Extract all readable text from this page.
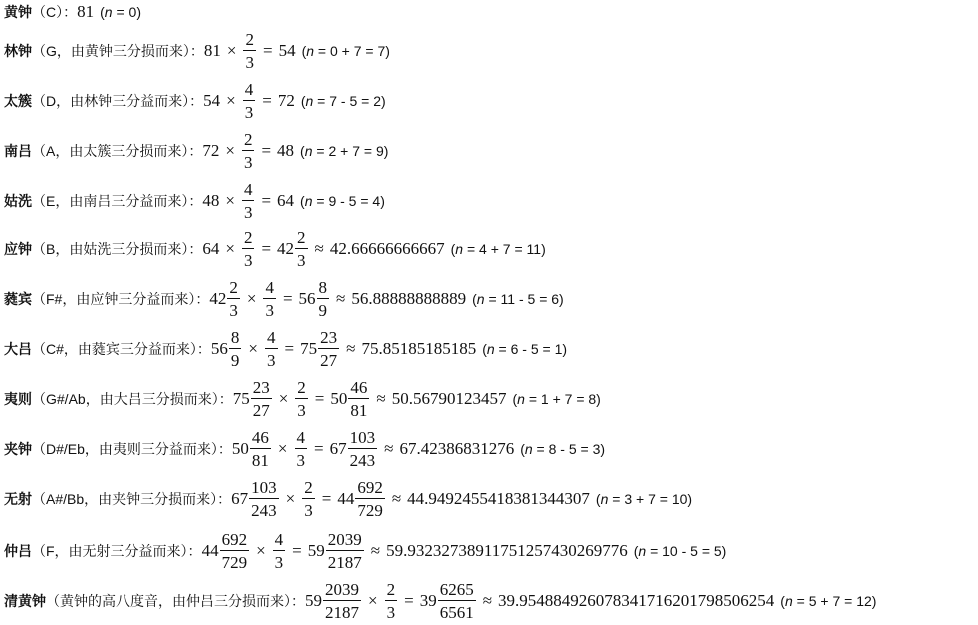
黄钟 （C）： 81 (n = 0)
林钟 （G，由黄钟三分损而来）： $81 \times \frac{2}{3} = 54$ (n = 0 + 7 = 7)
太簇 （D，由林钟三分益而来）： $54 \times \frac{4}{3} = 72$ (n = 7 - 5 = 2)
南吕 （A，由太簇三分损而来）： $72 \times \frac{2}{3} = 48$ (n = 2 + 7 = 9)
姑洗 （E，由南吕三分益而来）： $48 \times \frac{4}{3} = 64$ (n = 9 - 5 = 4)
应钟 （B，由姑洗三分损而来）： $64 \times \frac{2}{3} = 42 \frac{2}{3} \approx 42.66666666667$ (n = 4 + 7 = 11)
蕤宾 （F#，由应钟三分益而来）： $42 \frac{2}{3} \times \frac{4}{3} = 56 \frac{8}{9} \approx 56.88888888889$ (n = 11 - 5 = 6)
大吕 （C#，由蕤宾三分益而来）： $56 \frac{8}{9} \times \frac{4}{3} = 75 \frac{23}{27} \approx 75.85185185185$ (n = 6 - 5 = 1)
夷则 （G#/Ab，由大吕三分损而来）： $75 \frac{23}{27} \times \frac{2}{3} = 50 \frac{46}{81} \approx 50.56790123457$ (n = 1 + 7 = 8)
夹钟 （D#/Eb，由夷则三分益而来）： $50 \frac{46}{81} \times \frac{4}{3} = 67 \frac{103}{243} \approx 67.42386831276$ (n = 8 - 5 = 3)
无射 （A#/Bb，由夹钟三分损而来）： $67 \frac{103}{243} \times \frac{2}{3} = 44 \frac{692}{729} \approx 44.9492455418381344307$ (n = 3 + 7 = 10)
仲吕 （F，由无射三分益而来）： $44 \frac{692}{729} \times \frac{4}{3} = 59 \frac{2039}{2187} \approx 59.93232738911751257430269776$ (n = 10 - 5 = 5)
清黄钟 （黄钟的高八度音，由仲吕三分损而来）： $59 \frac{2039}{2187} \times \frac{2}{3} = 39 \frac{6265}{6561} \approx 39.954884926078341716201798506254$ (n = 5 + 7 = 12)
